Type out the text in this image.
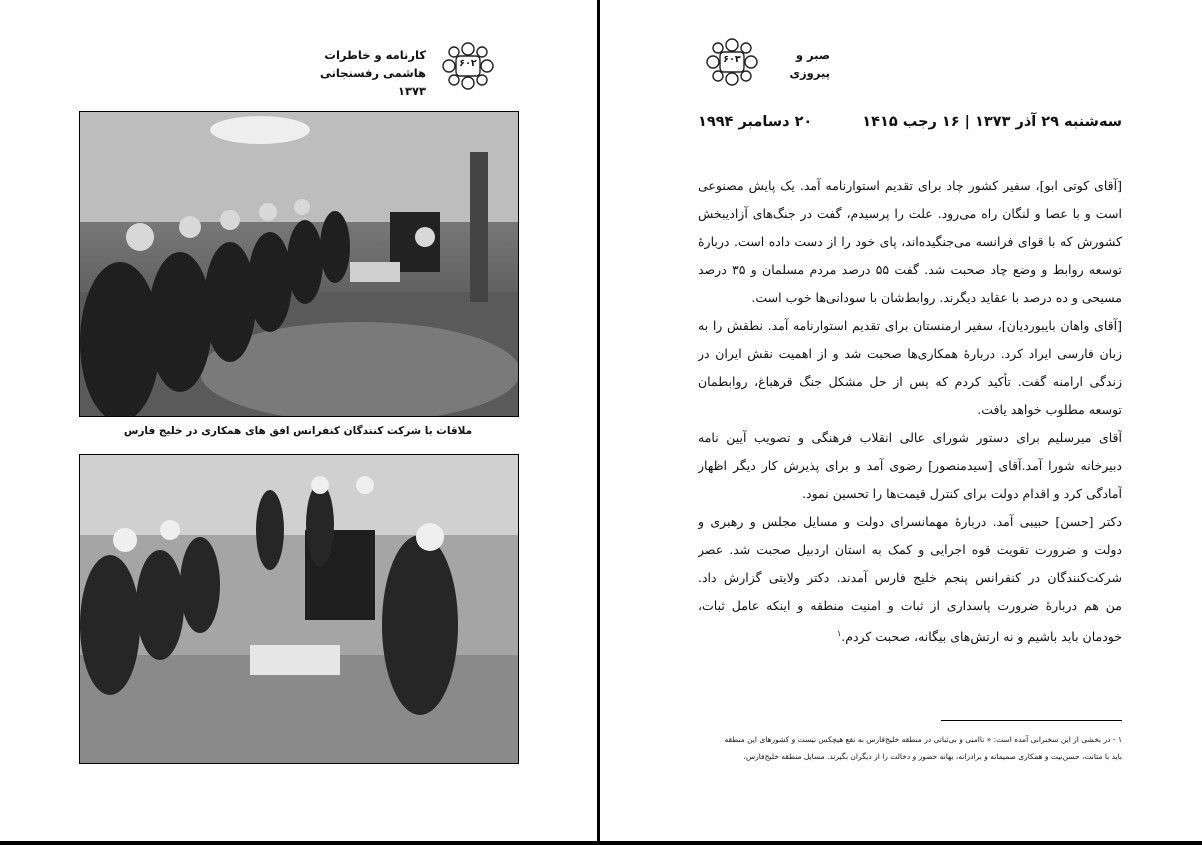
کارنامه و خاطرات
هاشمی رفسنجانی ۱۳۷۳
۶۰۲
ملاقات با شرکت کنندگان کنفرانس افق های همکاری در خلیج فارس
۶۰۳	صبر و
پیروزی
سه‌شنبه ۲۹ آذر ۱۳۷۳ | ۱۶ رجب ۱۴۱۵
۲۰ دسامبر ۱۹۹۴
[آقای کوتی ابو]، سفیر کشور چاد برای تقدیم استوارنامه آمد. یک پایش مصنوعی
است و با عصا و لنگان راه می‌رود. علت را پرسیدم، گفت در جنگ‌های آزادیبخش
کشورش که با قوای فرانسه می‌جنگیده‌اند، پای خود را از دست داده است. دربارهٔ
توسعه روابط و وضع چاد صحبت شد. گفت ۵۵ درصد مردم مسلمان و ۳۵ درصد
مسیحی و ده درصد با عقاید دیگرند. روابط‌شان با سودانی‌ها خوب است.
[آقای واهان بایبوردیان]، سفیر ارمنستان برای تقدیم استوارنامه آمد. نطقش را به
زبان فارسی ایراد کرد. دربارهٔ همکاری‌ها صحبت شد و از اهمیت نقش ایران در
زندگی ارامنه گفت. تأکید کردم که پس از حل مشکل جنگ قرهباغ، روابطمان
توسعه مطلوب خواهد یافت.
آقای میرسلیم برای دستور شورای عالی انقلاب فرهنگی و تصویب آیین نامه
دبیرخانه شورا آمد.آقای [سیدمنصور] رضوی آمد و برای پذیرش کار دیگر اظهار
آمادگی کرد و اقدام دولت برای کنترل قیمت‌ها را تحسین نمود.
دکتر [حسن] حبیبی آمد. دربارهٔ مهمانسرای دولت و مسایل مجلس و رهبری و
دولت و ضرورت تقویت قوه اجرایی و کمک به استان اردبیل صحبت شد. عصر
شرکت‌کنندگان در کنفرانس پنجم خلیج فارس آمدند. دکتر ولایتی گزارش داد.
من هم دربارهٔ ضرورت پاسداری از ثبات و امنیت منطقه و اینکه عامل ثبات،
خودمان باید باشیم و نه ارتش‌های بیگانه، صحبت کردم.$^۱$
۱ - در بخشی از این سخنرانی آمده است: « ناامنی و بی‌ثباتی در منطقه خلیج‌فارس به نفع هیچکس نیست و کشورهای این منطقه
باید با متانت، حسن‌نیت و همکاری صمیمانه و برادرانه، بهانه حضور و دخالت را از دیگران بگیرند. مسایل منطقه خلیج‌فارس،
